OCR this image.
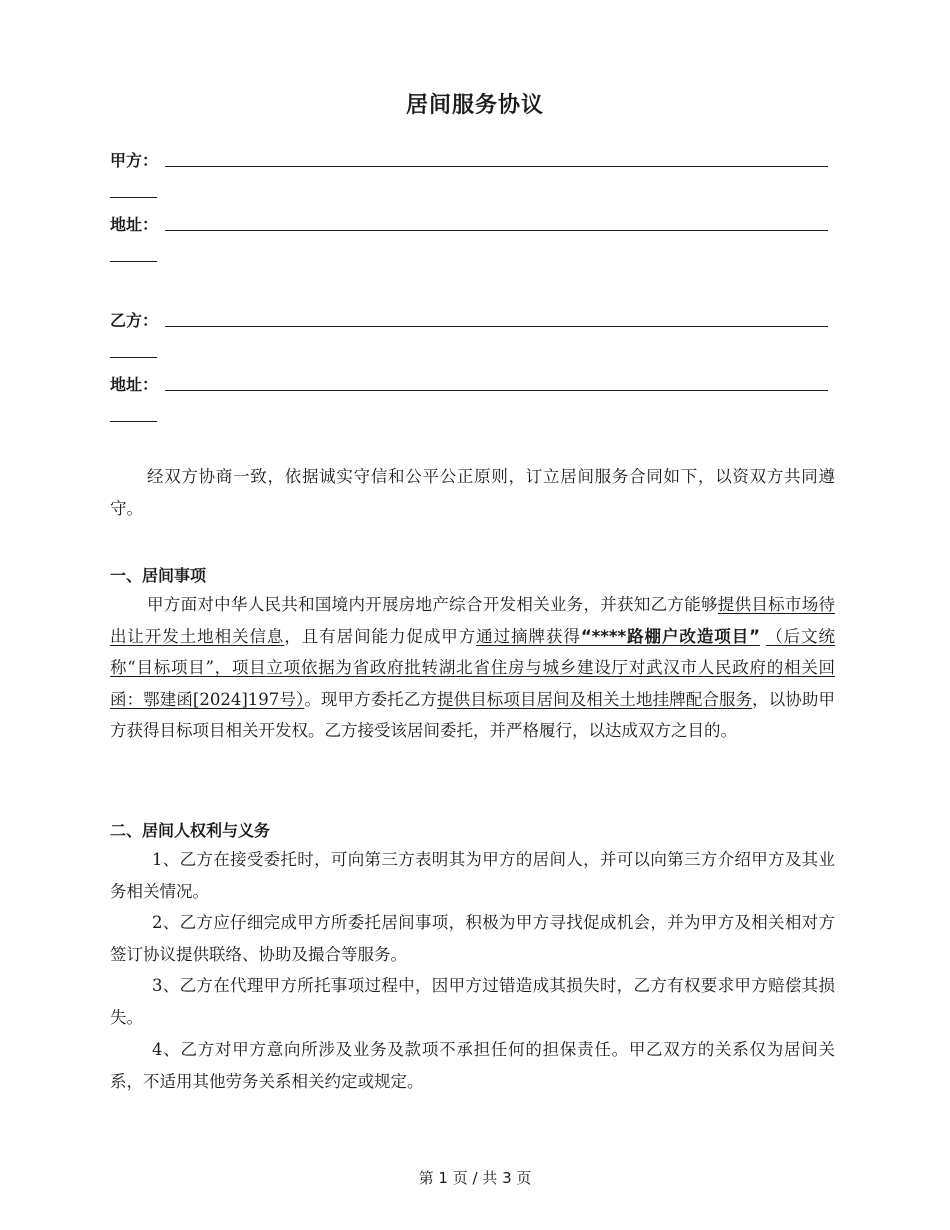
居间服务协议
甲方：
地址：
乙方：
地址：

经双方协商一致，依据诚实守信和公平公正原则，订立居间服务合同如下，以资双方共同遵守。

一、居间事项

甲方面对中华人民共和国境内开展房地产综合开发相关业务，并获知乙方能够提供目标市场待出让开发土地相关信息，且有居间能力促成甲方通过摘牌获得“****路棚户改造项目” （后文统称“目标项目”，项目立项依据为省政府批转湖北省住房与城乡建设厅对武汉市人民政府的相关回函：鄂建函[2024]197号）。现甲方委托乙方提供目标项目居间及相关土地挂牌配合服务，以协助甲方获得目标项目相关开发权。乙方接受该居间委托，并严格履行，以达成双方之目的。

二、居间人权利与义务

1、乙方在接受委托时，可向第三方表明其为甲方的居间人，并可以向第三方介绍甲方及其业务相关情况。

2、乙方应仔细完成甲方所委托居间事项，积极为甲方寻找促成机会，并为甲方及相关相对方签订协议提供联络、协助及撮合等服务。

3、乙方在代理甲方所托事项过程中，因甲方过错造成其损失时，乙方有权要求甲方赔偿其损失。

4、乙方对甲方意向所涉及业务及款项不承担任何的担保责任。甲乙双方的关系仅为居间关系，不适用其他劳务关系相关约定或规定。

第 1 页 / 共 3 页
